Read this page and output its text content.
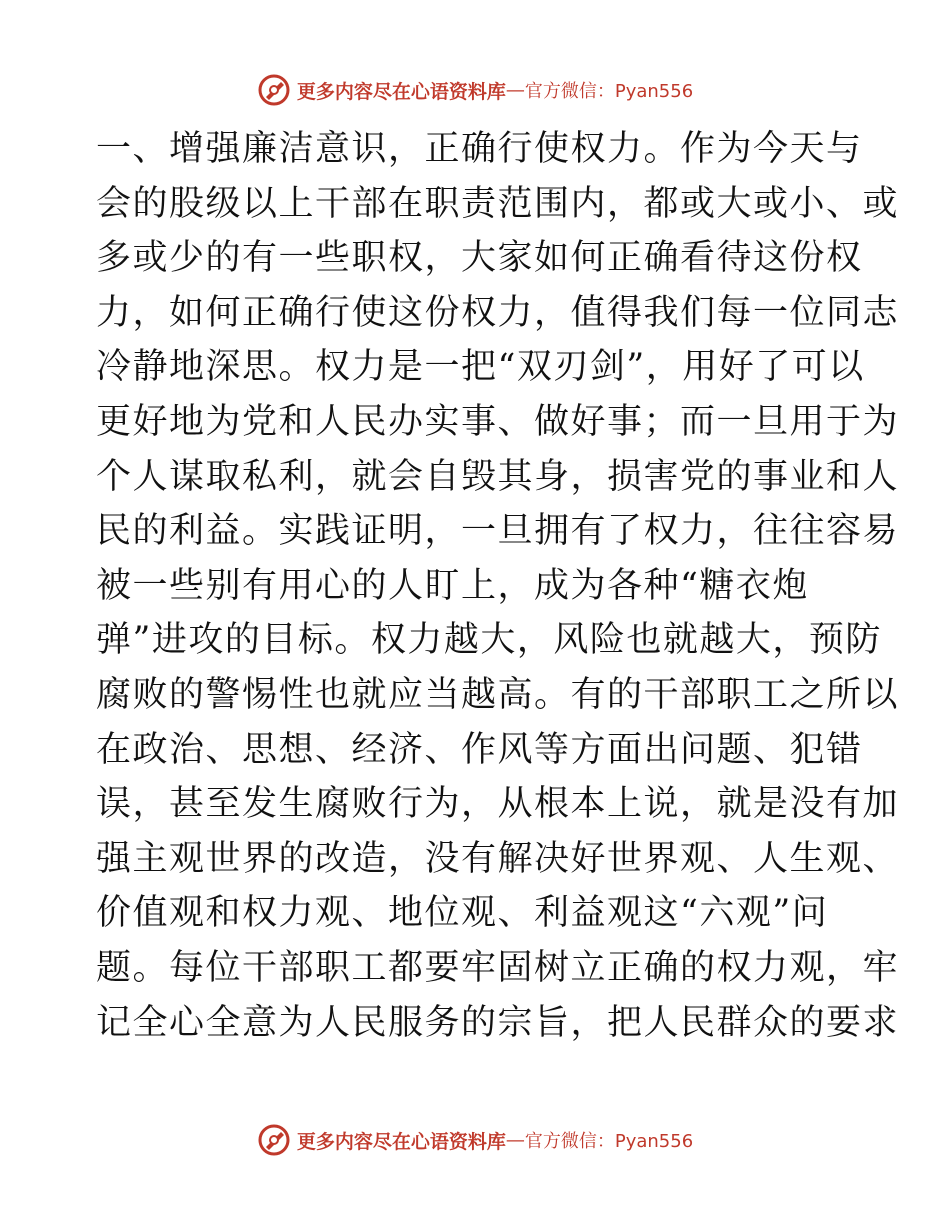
更多内容尽在心语资料库 — 官方微信：Pyan556
一、增强廉洁意识，正确行使权力。作为今天与
会的股级以上干部在职责范围内，都或大或小、或
多或少的有一些职权，大家如何正确看待这份权
力，如何正确行使这份权力，值得我们每一位同志
冷静地深思。权力是一把“双刃剑”，用好了可以
更好地为党和人民办实事、做好事；而一旦用于为
个人谋取私利，就会自毁其身，损害党的事业和人
民的利益。实践证明，一旦拥有了权力，往往容易
被一些别有用心的人盯上，成为各种“糖衣炮
弹”进攻的目标。权力越大，风险也就越大，预防
腐败的警惕性也就应当越高。有的干部职工之所以
在政治、思想、经济、作风等方面出问题、犯错
误，甚至发生腐败行为，从根本上说，就是没有加
强主观世界的改造，没有解决好世界观、人生观、
价值观和权力观、地位观、利益观这“六观”问
题。每位干部职工都要牢固树立正确的权力观，牢
记全心全意为人民服务的宗旨，把人民群众的要求
更多内容尽在心语资料库 — 官方微信：Pyan556
